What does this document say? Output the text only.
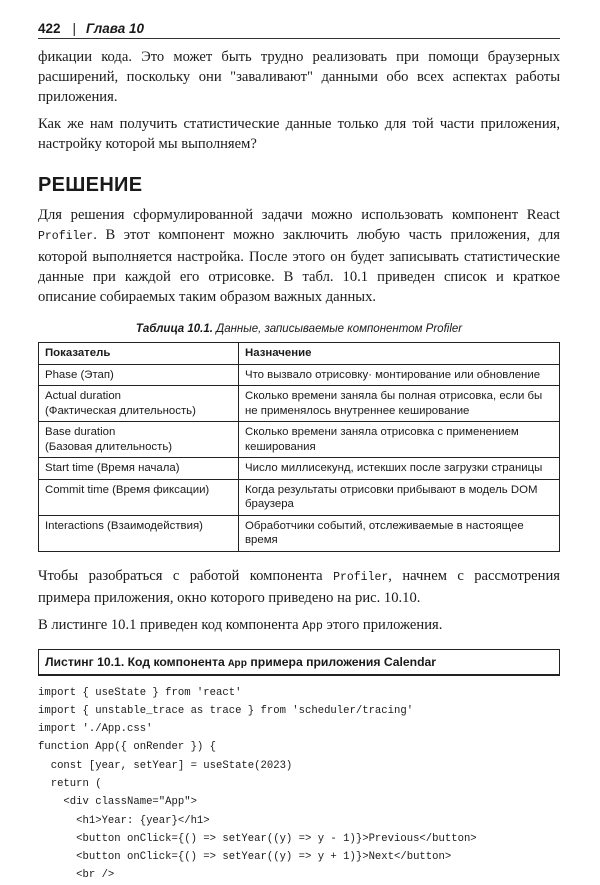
422 | Глава 10

фикации кода. Это может быть трудно реализовать при помощи браузерных расширений, поскольку они "заваливают" данными обо всех аспектах работы приложения.

Как же нам получить статистические данные только для той части приложения, настройку которой мы выполняем?

РЕШЕНИЕ

Для решения сформулированной задачи можно использовать компонент React Profiler. В этот компонент можно заключить любую часть приложения, для которой выполняется настройка. После этого он будет записывать статистические данные при каждой его отрисовке. В табл. 10.1 приведен список и краткое описание собираемых таким образом важных данных.

Таблица 10.1. Данные, записываемые компонентом Profiler
Показатель	Назначение
Phase (Этап)	Что вызвало отрисовку· монтирование или обновление
Actual duration
(Фактическая длительность)	Сколько времени заняла бы полная отрисовка, если бы не применялось внутреннее кеширование
Base duration
(Базовая длительность)	Сколько времени заняла отрисовка с применением кеширования
Start time (Время начала)	Число миллисекунд, истекших после загрузки страницы
Commit time (Время фиксации)	Когда результаты отрисовки прибывают в модель DOM браузера
Interactions (Взаимодействия)	Обработчики событий, отслеживаемые в настоящее время

Чтобы разобраться с работой компонента Profiler, начнем с рассмотрения примера приложения, окно которого приведено на рис. 10.10.

В листинге 10.1 приведен код компонента App этого приложения.

Листинг 10.1. Код компонента App примера приложения Calendar
import { useState } from 'react'
import { unstable_trace as trace } from 'scheduler/tracing'
import './App.css'
function App({ onRender }) {
const [year, setYear] = useState(2023)
return (
<div className="App">
<h1>Year: {year}</h1>
<button onClick={() => setYear((y) => y - 1)}>Previous</button>
<button onClick={() => setYear((y) => y + 1)}>Next</button>
<br />
